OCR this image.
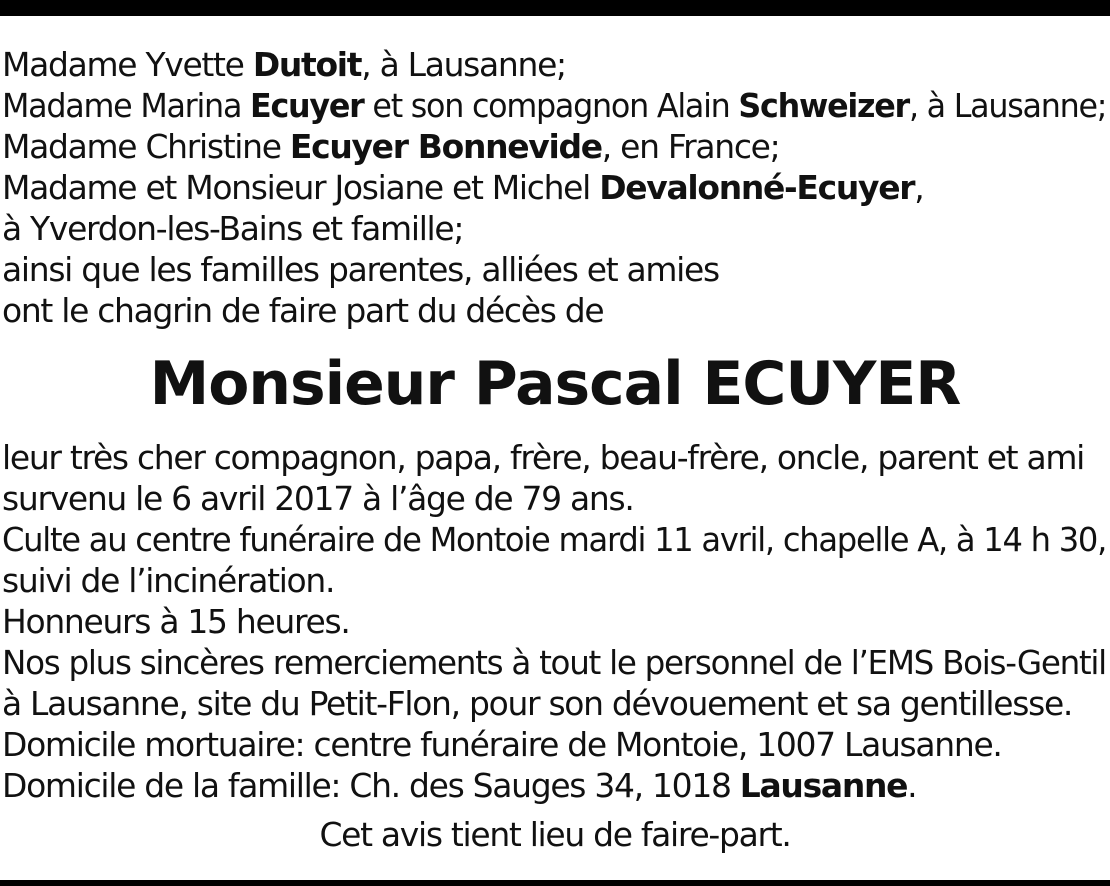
Madame Yvette Dutoit, à Lausanne;
Madame Marina Ecuyer et son compagnon Alain Schweizer, à Lausanne;
Madame Christine Ecuyer Bonnevide, en France;
Madame et Monsieur Josiane et Michel Devalonné-Ecuyer,
à Yverdon-les-Bains et famille;
ainsi que les familles parentes, alliées et amies
ont le chagrin de faire part du décès de
Monsieur Pascal ECUYER
leur très cher compagnon, papa, frère, beau-frère, oncle, parent et ami
survenu le 6 avril 2017 à l’âge de 79 ans.
Culte au centre funéraire de Montoie mardi 11 avril, chapelle A, à 14 h 30,
suivi de l’incinération.
Honneurs à 15 heures.
Nos plus sincères remerciements à tout le personnel de l’EMS Bois-Gentil
à Lausanne, site du Petit-Flon, pour son dévouement et sa gentillesse.
Domicile mortuaire: centre funéraire de Montoie, 1007 Lausanne.
Domicile de la famille: Ch. des Sauges 34, 1018 Lausanne.
Cet avis tient lieu de faire-part.
